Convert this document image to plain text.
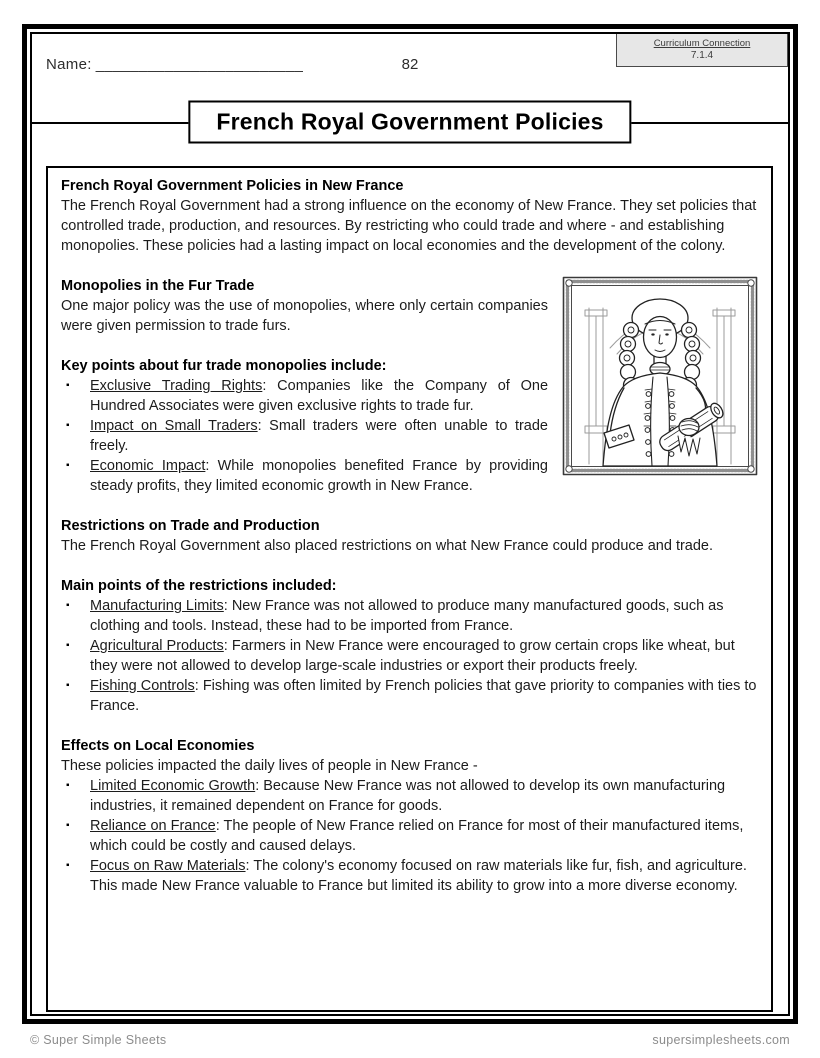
Name: ________________________	82
Curriculum Connection
7.1.4
French Royal Government Policies
French Royal Government Policies in New France

The French Royal Government had a strong influence on the economy of New France. They set policies that controlled trade, production, and resources. By restricting who could trade and where - and establishing monopolies. These policies had a lasting impact on local economies and the development of the colony.

Monopolies in the Fur Trade

One major policy was the use of monopolies, where only certain companies were given permission to trade furs.

Key points about fur trade monopolies include:
▪ Exclusive Trading Rights: Companies like the Company of One Hundred Associates were given exclusive rights to trade fur.
▪ Impact on Small Traders: Small traders were often unable to trade freely.
▪ Economic Impact: While monopolies benefited France by providing steady profits, they limited economic growth in New France.
Restrictions on Trade and Production

The French Royal Government also placed restrictions on what New France could produce and trade.

Main points of the restrictions included:
▪ Manufacturing Limits: New France was not allowed to produce many manufactured goods, such as clothing and tools. Instead, these had to be imported from France.
▪ Agricultural Products: Farmers in New France were encouraged to grow certain crops like wheat, but they were not allowed to develop large-scale industries or export their products freely.
▪ Fishing Controls: Fishing was often limited by French policies that gave priority to companies with ties to France.
Effects on Local Economies

These policies impacted the daily lives of people in New France -

▪ Limited Economic Growth: Because New France was not allowed to develop its own manufacturing industries, it remained dependent on France for goods.
▪ Reliance on France: The people of New France relied on France for most of their manufactured items, which could be costly and caused delays.
▪ Focus on Raw Materials: The colony's economy focused on raw materials like fur, fish, and agriculture. This made New France valuable to France but limited its ability to grow into a more diverse economy.
© Super Simple Sheets	supersimplesheets.com
